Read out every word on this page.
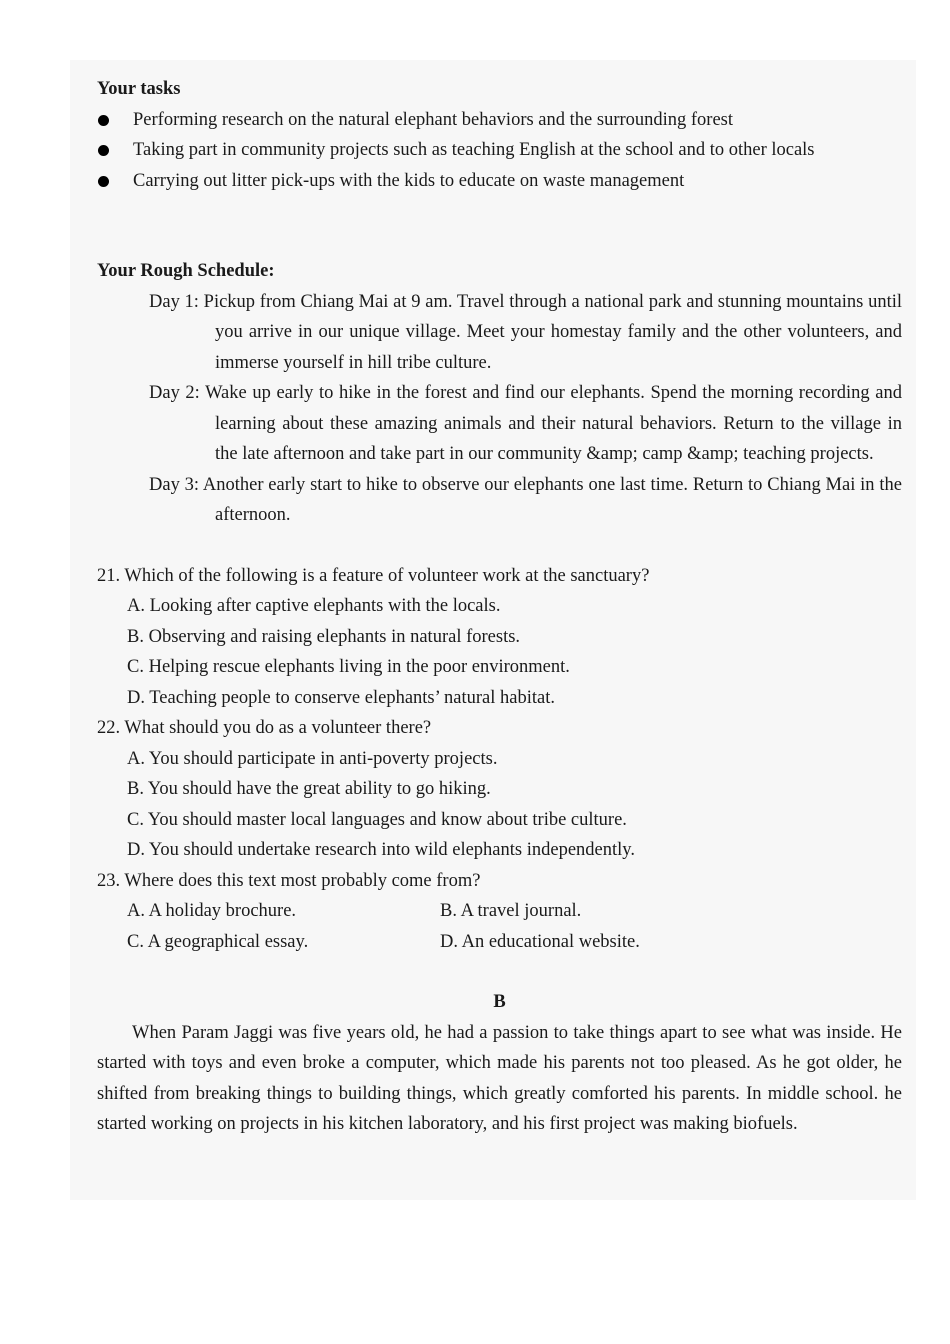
Your tasks
Performing research on the natural elephant behaviors and the surrounding forest
Taking part in community projects such as teaching English at the school and to other locals
Carrying out litter pick-ups with the kids to educate on waste management
Your Rough Schedule:
Day 1: Pickup from Chiang Mai at 9 am. Travel through a national park and stunning mountains until you arrive in our unique village. Meet your homestay family and the other volunteers, and immerse yourself in hill tribe culture.
Day 2: Wake up early to hike in the forest and find our elephants. Spend the morning recording and learning about these amazing animals and their natural behaviors. Return to the village in the late afternoon and take part in our community &amp; camp &amp; teaching projects.
Day 3: Another early start to hike to observe our elephants one last time. Return to Chiang Mai in the afternoon.
21. Which of the following is a feature of volunteer work at the sanctuary?
A. Looking after captive elephants with the locals.
B. Observing and raising elephants in natural forests.
C. Helping rescue elephants living in the poor environment.
D. Teaching people to conserve elephants’ natural habitat.
22. What should you do as a volunteer there?
A. You should participate in anti-poverty projects.
B. You should have the great ability to go hiking.
C. You should master local languages and know about tribe culture.
D. You should undertake research into wild elephants independently.
23. Where does this text most probably come from?
A. A holiday brochure.	B. A travel journal.
C. A geographical essay.	D. An educational website.
B
When Param Jaggi was five years old, he had a passion to take things apart to see what was inside. He started with toys and even broke a computer, which made his parents not too pleased. As he got older, he shifted from breaking things to building things, which greatly comforted his parents. In middle school. he started working on projects in his kitchen laboratory, and his first project was making biofuels.
